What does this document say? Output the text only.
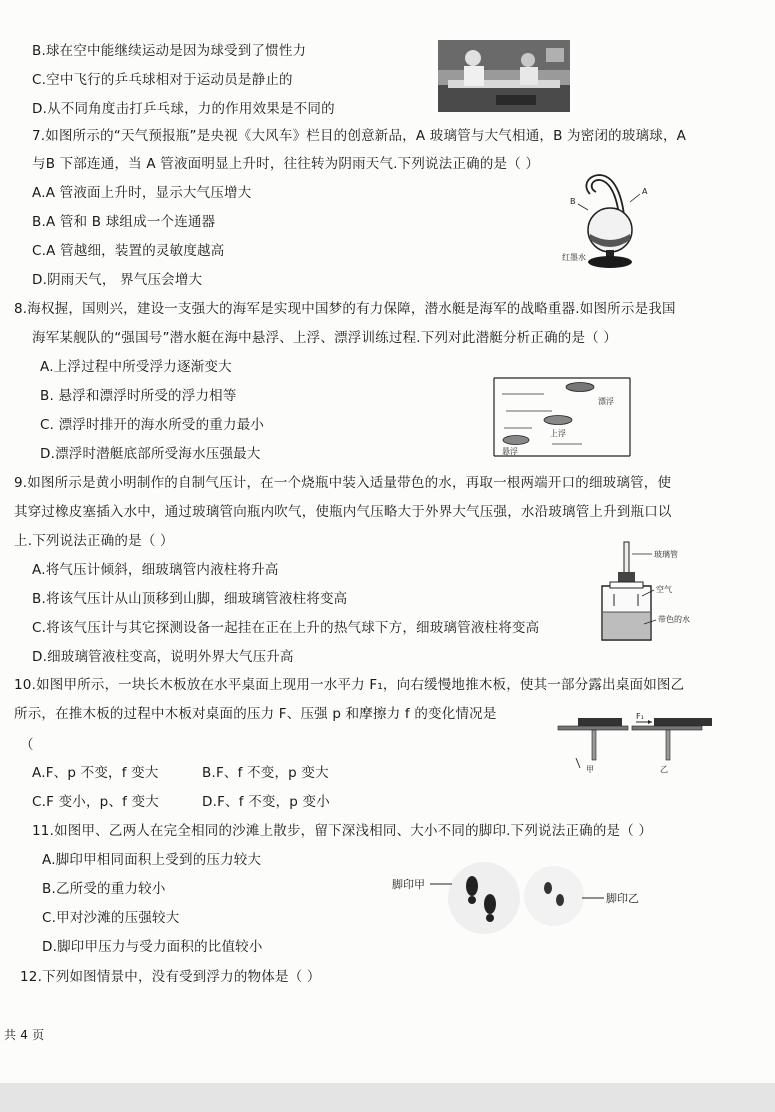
B.球在空中能继续运动是因为球受到了惯性力
C.空中飞行的乒乓球相对于运动员是静止的
D.从不同角度击打乒乓球，力的作用效果是不同的
7.如图所示的“天气预报瓶”是央视《大风车》栏目的创意新品，A 玻璃管与大气相通，B 为密闭的玻璃球，A
与B 下部连通，当 A 管液面明显上升时，往往转为阴雨天气.下列说法正确的是（ ）
A.A 管液面上升时，显示大气压增大
B.A 管和 B 球组成一个连通器
C.A 管越细，装置的灵敏度越高
D.阴雨天气， 界气压会增大
A
B
红墨水
8.海权握，国则兴，建设一支强大的海军是实现中国梦的有力保障，潜水艇是海军的战略重器.如图所示是我国
海军某舰队的“强国号”潜水艇在海中悬浮、上浮、漂浮训练过程.下列对此潜艇分析正确的是（ ）
A.上浮过程中所受浮力逐渐变大
B. 悬浮和漂浮时所受的浮力相等
C. 漂浮时排开的海水所受的重力最小
D.漂浮时潜艇底部所受海水压强最大
漂浮
上浮
悬浮
9.如图所示是黄小明制作的自制气压计，在一个烧瓶中装入适量带色的水，再取一根两端开口的细玻璃管，使
其穿过橡皮塞插入水中，通过玻璃管向瓶内吹气，使瓶内气压略大于外界大气压强，水沿玻璃管上升到瓶口以
上.下列说法正确的是（ ）
A.将气压计倾斜，细玻璃管内液柱将升高
B.将该气压计从山顶移到山脚，细玻璃管液柱将变高
C.将该气压计与其它探测设备一起挂在正在上升的热气球下方，细玻璃管液柱将变高
D.细玻璃管液柱变高，说明外界大气压升高
玻璃管
空气
带色的水
10.如图甲所示，一块长木板放在水平桌面上现用一水平力 F₁，向右缓慢地推木板，使其一部分露出桌面如图乙
所示，在推木板的过程中木板对桌面的压力 F、压强 p 和摩擦力 f 的变化情况是
（
A.F、p 不变，f 变大	B.F、f 不变，p 变大
C.F 变小，p、f 变大	D.F、f 不变，p 变小
F₁
甲	乙
11.如图甲、乙两人在完全相同的沙滩上散步，留下深浅相同、大小不同的脚印.下列说法正确的是（ ）
A.脚印甲相同面积上受到的压力较大
B.乙所受的重力较小
C.甲对沙滩的压强较大
D.脚印甲压力与受力面积的比值较小
脚印甲
脚印乙
12.下列如图情景中，没有受到浮力的物体是（ ）
共 4 页
